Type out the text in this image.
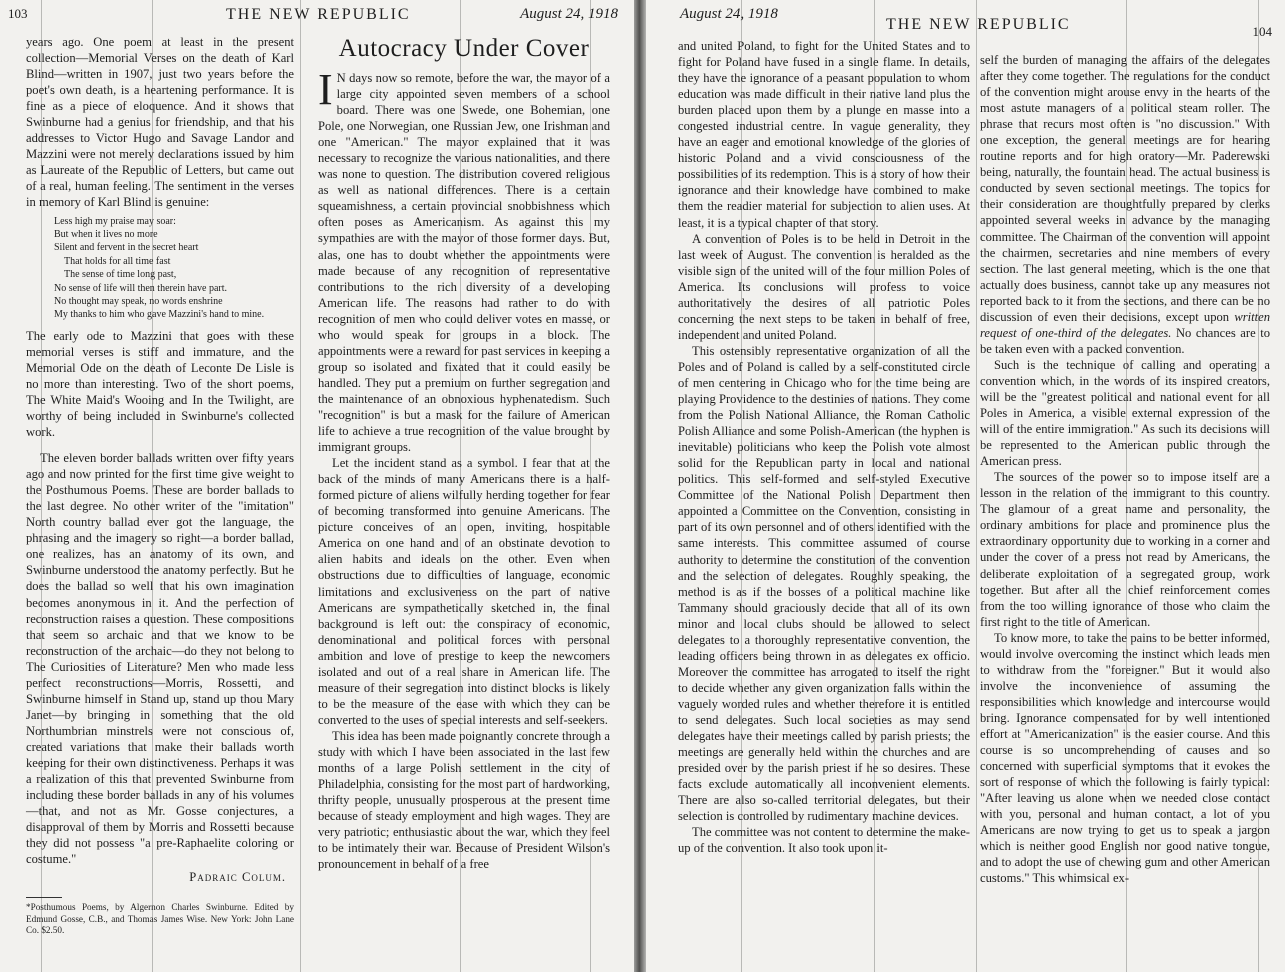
103	THE NEW REPUBLIC	August 24, 1918

years ago. One poem at least in the present collection—Memorial Verses on the death of Karl Blind—written in 1907, just two years before the poet's own death, is a heartening performance. It is fine as a piece of eloquence. And it shows that Swinburne had a genius for friendship, and that his addresses to Victor Hugo and Savage Landor and Mazzini were not merely declarations issued by him as Laureate of the Republic of Letters, but came out of a real, human feeling. The sentiment in the verses in memory of Karl Blind is genuine:

Less high my praise may soar:
But when it lives no more
Silent and fervent in the secret heart
That holds for all time fast
The sense of time long past,
No sense of life will then therein have part.
No thought may speak, no words enshrine
My thanks to him who gave Mazzini's hand to mine.

The early ode to Mazzini that goes with these memorial verses is stiff and immature, and the Memorial Ode on the death of Leconte De Lisle is no more than interesting. Two of the short poems, The White Maid's Wooing and In the Twilight, are worthy of being included in Swinburne's collected work.

The eleven border ballads written over fifty years ago and now printed for the first time give weight to the Posthumous Poems. These are border ballads to the last degree. No other writer of the "imitation" North country ballad ever got the language, the phrasing and the imagery so right—a border ballad, one realizes, has an anatomy of its own, and Swinburne understood the anatomy perfectly. But he does the ballad so well that his own imagination becomes anonymous in it. And the perfection of reconstruction raises a question. These compositions that seem so archaic and that we know to be reconstruction of the archaic—do they not belong to The Curiosities of Literature? Men who made less perfect reconstructions—Morris, Rossetti, and Swinburne himself in Stand up, stand up thou Mary Janet—by bringing in something that the old Northumbrian minstrels were not conscious of, created variations that make their ballads worth keeping for their own distinctiveness. Perhaps it was a realization of this that prevented Swinburne from including these border ballads in any of his volumes—that, and not as Mr. Gosse conjectures, a disapproval of them by Morris and Rossetti because they did not possess "a pre-Raphaelite coloring or costume."

Padraic Colum.
*Posthumous Poems, by Algernon Charles Swinburne. Edited by Edmund Gosse, C.B., and Thomas James Wise. New York: John Lane Co. $2.50.
Autocracy Under Cover

I N days now so remote, before the war, the mayor of a large city appointed seven members of a school board. There was one Swede, one Bohemian, one Pole, one Norwegian, one Russian Jew, one Irishman and one "American." The mayor explained that it was necessary to recognize the various nationalities, and there was none to question. The distribution covered religious as well as national differences. There is a certain squeamishness, a certain provincial snobbishness which often poses as Americanism. As against this my sympathies are with the mayor of those former days. But, alas, one has to doubt whether the appointments were made because of any recognition of representative contributions to the rich diversity of a developing American life. The reasons had rather to do with recognition of men who could deliver votes en masse, or who would speak for groups in a block. The appointments were a reward for past services in keeping a group so isolated and fixated that it could easily be handled. They put a premium on further segregation and the maintenance of an obnoxious hyphenatedism. Such "recognition" is but a mask for the failure of American life to achieve a true recognition of the value brought by immigrant groups.

Let the incident stand as a symbol. I fear that at the back of the minds of many Americans there is a half-formed picture of aliens wilfully herding together for fear of becoming transformed into genuine Americans. The picture conceives of an open, inviting, hospitable America on one hand and of an obstinate devotion to alien habits and ideals on the other. Even when obstructions due to difficulties of language, economic limitations and exclusiveness on the part of native Americans are sympathetically sketched in, the final background is left out: the conspiracy of economic, denominational and political forces with personal ambition and love of prestige to keep the newcomers isolated and out of a real share in American life. The measure of their segregation into distinct blocks is likely to be the measure of the ease with which they can be converted to the uses of special interests and self-seekers.

This idea has been made poignantly concrete through a study with which I have been associated in the last few months of a large Polish settlement in the city of Philadelphia, consisting for the most part of hardworking, thrifty people, unusually prosperous at the present time because of steady employment and high wages. They are very patriotic; enthusiastic about the war, which they feel to be intimately their war. Because of President Wilson's pronouncement in behalf of a free

August 24, 1918
THE NEW REPUBLIC	104

and united Poland, to fight for the United States and to fight for Poland have fused in a single flame. In details, they have the ignorance of a peasant population to whom education was made difficult in their native land plus the burden placed upon them by a plunge en masse into a congested industrial centre. In vague generality, they have an eager and emotional knowledge of the glories of historic Poland and a vivid consciousness of the possibilities of its redemption. This is a story of how their ignorance and their knowledge have combined to make them the readier material for subjection to alien uses. At least, it is a typical chapter of that story.

A convention of Poles is to be held in Detroit in the last week of August. The convention is heralded as the visible sign of the united will of the four million Poles of America. Its conclusions will profess to voice authoritatively the desires of all patriotic Poles concerning the next steps to be taken in behalf of free, independent and united Poland.

This ostensibly representative organization of all the Poles and of Poland is called by a self-constituted circle of men centering in Chicago who for the time being are playing Providence to the destinies of nations. They come from the Polish National Alliance, the Roman Catholic Polish Alliance and some Polish-American (the hyphen is inevitable) politicians who keep the Polish vote almost solid for the Republican party in local and national politics. This self-formed and self-styled Executive Committee of the National Polish Department then appointed a Committee on the Convention, consisting in part of its own personnel and of others identified with the same interests. This committee assumed of course authority to determine the constitution of the convention and the selection of delegates. Roughly speaking, the method is as if the bosses of a political machine like Tammany should graciously decide that all of its own minor and local clubs should be allowed to select delegates to a thoroughly representative convention, the leading officers being thrown in as delegates ex officio. Moreover the committee has arrogated to itself the right to decide whether any given organization falls within the vaguely worded rules and whether therefore it is entitled to send delegates. Such local societies as may send delegates have their meetings called by parish priests; the meetings are generally held within the churches and are presided over by the parish priest if he so desires. These facts exclude automatically all inconvenient elements. There are also so-called territorial delegates, but their selection is controlled by rudimentary machine devices.

The committee was not content to determine the make-up of the convention. It also took upon it-

self the burden of managing the affairs of the delegates after they come together. The regulations for the conduct of the convention might arouse envy in the hearts of the most astute managers of a political steam roller. The phrase that recurs most often is "no discussion." With one exception, the general meetings are for hearing routine reports and for high oratory—Mr. Paderewski being, naturally, the fountain head. The actual business is conducted by seven sectional meetings. The topics for their consideration are thoughtfully prepared by clerks appointed several weeks in advance by the managing committee. The Chairman of the convention will appoint the chairmen, secretaries and nine members of every section. The last general meeting, which is the one that actually does business, cannot take up any measures not reported back to it from the sections, and there can be no discussion of even their decisions, except upon written request of one-third of the delegates. No chances are to be taken even with a packed convention.

Such is the technique of calling and operating a convention which, in the words of its inspired creators, will be the "greatest political and national event for all Poles in America, a visible external expression of the will of the entire immigration." As such its decisions will be represented to the American public through the American press.

The sources of the power so to impose itself are a lesson in the relation of the immigrant to this country. The glamour of a great name and personality, the ordinary ambitions for place and prominence plus the extraordinary opportunity due to working in a corner and under the cover of a press not read by Americans, the deliberate exploitation of a segregated group, work together. But after all the chief reinforcement comes from the too willing ignorance of those who claim the first right to the title of American.

To know more, to take the pains to be better informed, would involve overcoming the instinct which leads men to withdraw from the "foreigner." But it would also involve the inconvenience of assuming the responsibilities which knowledge and intercourse would bring. Ignorance compensated for by well intentioned effort at "Americanization" is the easier course. And this course is so uncomprehending of causes and so concerned with superficial symptoms that it evokes the sort of response of which the following is fairly typical: "After leaving us alone when we needed close contact with you, personal and human contact, a lot of you Americans are now trying to get us to speak a jargon which is neither good English nor good native tongue, and to adopt the use of chewing gum and other American customs." This whimsical ex-
